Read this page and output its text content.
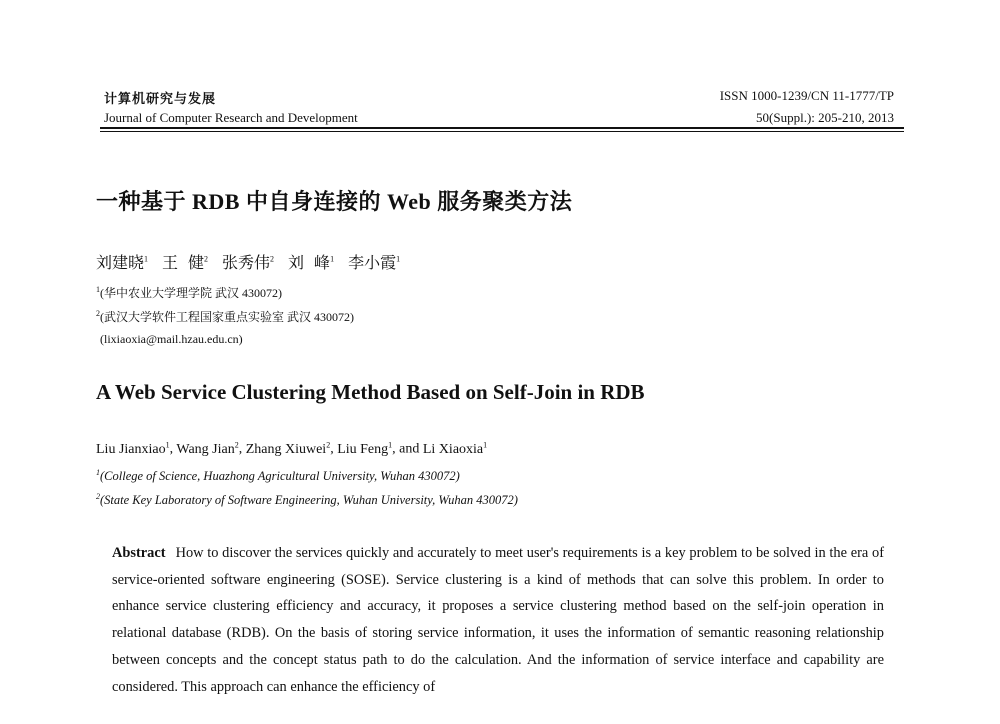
计算机研究与发展
Journal of Computer Research and Development
ISSN 1000-1239/CN 11-1777/TP
50(Suppl.): 205-210, 2013
一种基于 RDB 中自身连接的 Web 服务聚类方法
刘建晓$^1$ 王 健$^2$ 张秀伟$^2$ 刘 峰$^1$ 李小霞$^1$
$^1$(华中农业大学理学院 武汉 430072)
$^2$(武汉大学软件工程国家重点实验室 武汉 430072)
(lixiaoxia@mail.hzau.edu.cn)
A Web Service Clustering Method Based on Self-Join in RDB
Liu Jianxiao$^1$, Wang Jian$^2$, Zhang Xiuwei$^2$, Liu Feng$^1$, and Li Xiaoxia$^1$
$^1$(College of Science, Huazhong Agricultural University, Wuhan 430072)
$^2$(State Key Laboratory of Software Engineering, Wuhan University, Wuhan 430072)

Abstract How to discover the services quickly and accurately to meet user's requirements is a key problem to be solved in the era of service-oriented software engineering (SOSE). Service clustering is a kind of methods that can solve this problem. In order to enhance service clustering efficiency and accuracy, it proposes a service clustering method based on the self-join operation in relational database (RDB). On the basis of storing service information, it uses the information of semantic reasoning relationship between concepts and the concept status path to do the calculation. And the information of service interface and capability are considered. This approach can enhance the efficiency of
